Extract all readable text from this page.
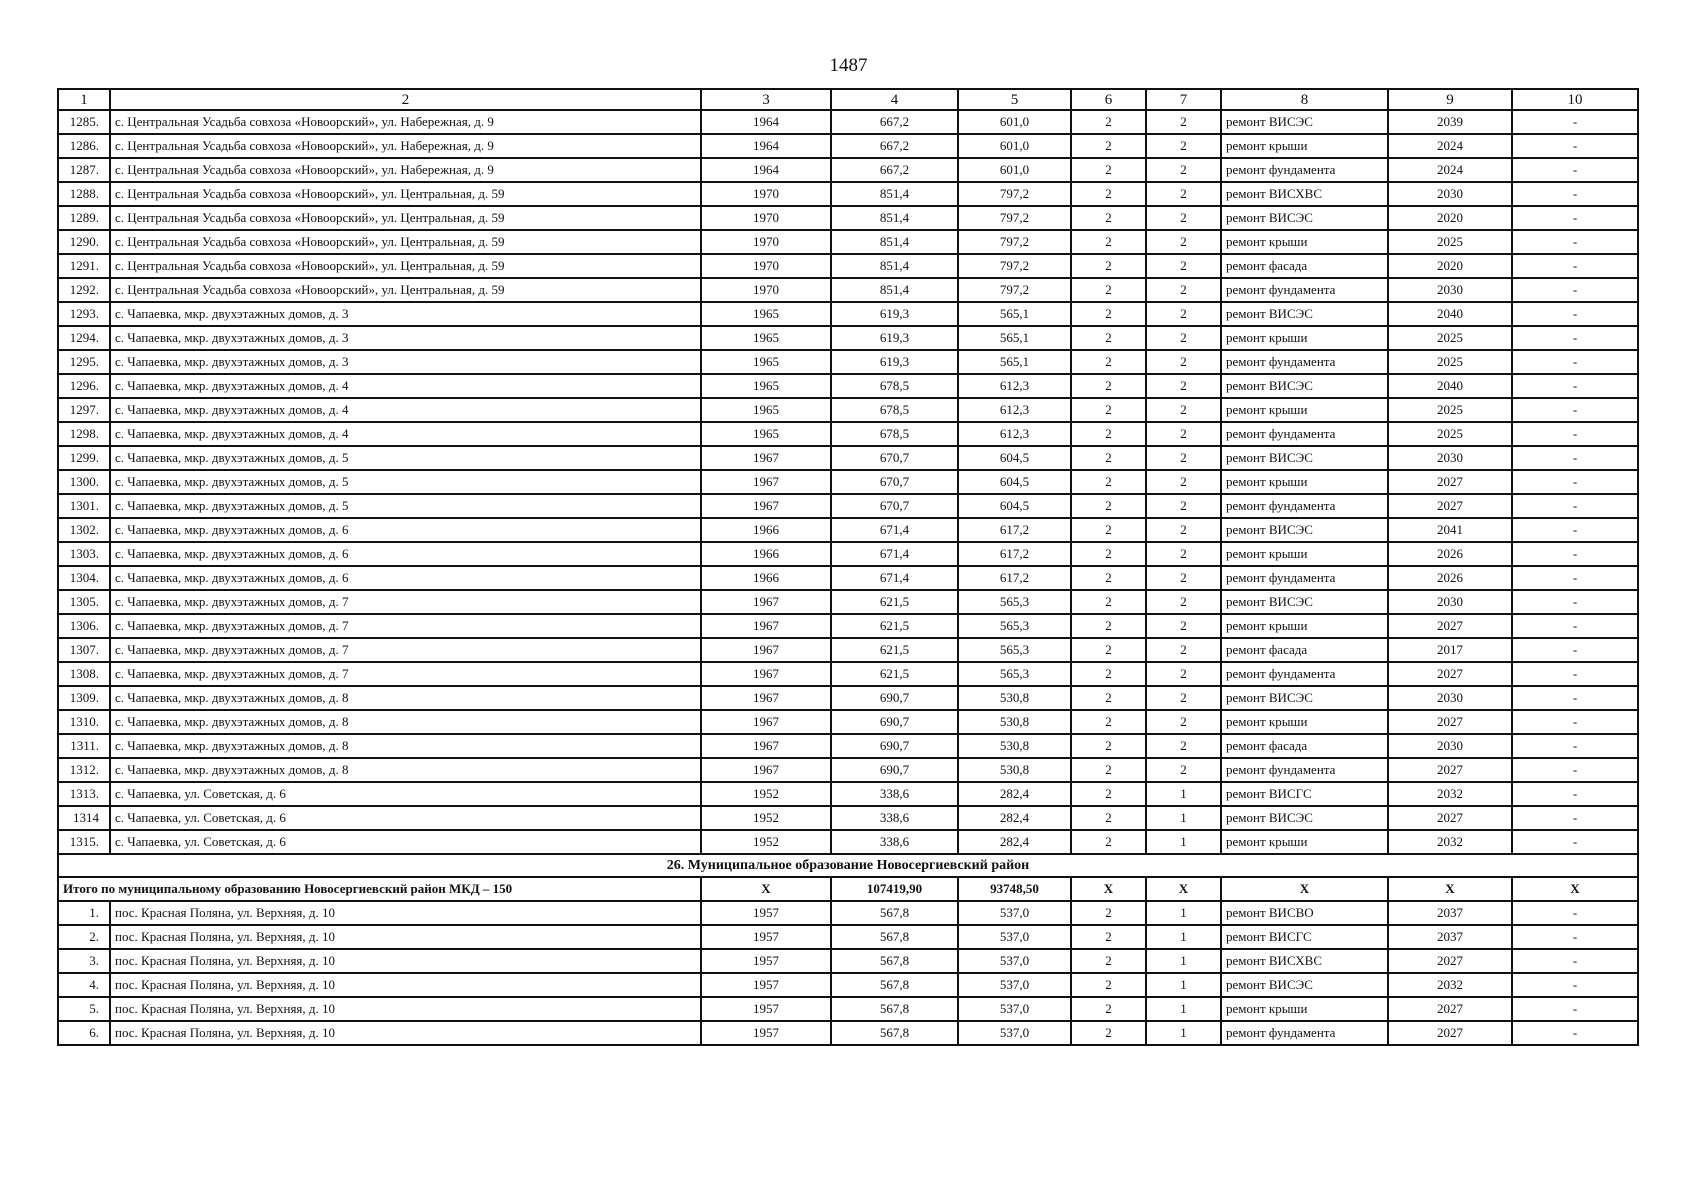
1487
1	2	3	4	5	6	7	8	9	10
1285.	с. Центральная Усадьба совхоза «Новоорский», ул. Набережная, д. 9	1964	667,2	601,0	2	2	ремонт ВИСЭС	2039	-
1286.	с. Центральная Усадьба совхоза «Новоорский», ул. Набережная, д. 9	1964	667,2	601,0	2	2	ремонт крыши	2024	-
1287.	с. Центральная Усадьба совхоза «Новоорский», ул. Набережная, д. 9	1964	667,2	601,0	2	2	ремонт фундамента	2024	-
1288.	с. Центральная Усадьба совхоза «Новоорский», ул. Центральная, д. 59	1970	851,4	797,2	2	2	ремонт ВИСХВС	2030	-
1289.	с. Центральная Усадьба совхоза «Новоорский», ул. Центральная, д. 59	1970	851,4	797,2	2	2	ремонт ВИСЭС	2020	-
1290.	с. Центральная Усадьба совхоза «Новоорский», ул. Центральная, д. 59	1970	851,4	797,2	2	2	ремонт крыши	2025	-
1291.	с. Центральная Усадьба совхоза «Новоорский», ул. Центральная, д. 59	1970	851,4	797,2	2	2	ремонт фасада	2020	-
1292.	с. Центральная Усадьба совхоза «Новоорский», ул. Центральная, д. 59	1970	851,4	797,2	2	2	ремонт фундамента	2030	-
1293.	с. Чапаевка, мкр. двухэтажных домов, д. 3	1965	619,3	565,1	2	2	ремонт ВИСЭС	2040	-
1294.	с. Чапаевка, мкр. двухэтажных домов, д. 3	1965	619,3	565,1	2	2	ремонт крыши	2025	-
1295.	с. Чапаевка, мкр. двухэтажных домов, д. 3	1965	619,3	565,1	2	2	ремонт фундамента	2025	-
1296.	с. Чапаевка, мкр. двухэтажных домов, д. 4	1965	678,5	612,3	2	2	ремонт ВИСЭС	2040	-
1297.	с. Чапаевка, мкр. двухэтажных домов, д. 4	1965	678,5	612,3	2	2	ремонт крыши	2025	-
1298.	с. Чапаевка, мкр. двухэтажных домов, д. 4	1965	678,5	612,3	2	2	ремонт фундамента	2025	-
1299.	с. Чапаевка, мкр. двухэтажных домов, д. 5	1967	670,7	604,5	2	2	ремонт ВИСЭС	2030	-
1300.	с. Чапаевка, мкр. двухэтажных домов, д. 5	1967	670,7	604,5	2	2	ремонт крыши	2027	-
1301.	с. Чапаевка, мкр. двухэтажных домов, д. 5	1967	670,7	604,5	2	2	ремонт фундамента	2027	-
1302.	с. Чапаевка, мкр. двухэтажных домов, д. 6	1966	671,4	617,2	2	2	ремонт ВИСЭС	2041	-
1303.	с. Чапаевка, мкр. двухэтажных домов, д. 6	1966	671,4	617,2	2	2	ремонт крыши	2026	-
1304.	с. Чапаевка, мкр. двухэтажных домов, д. 6	1966	671,4	617,2	2	2	ремонт фундамента	2026	-
1305.	с. Чапаевка, мкр. двухэтажных домов, д. 7	1967	621,5	565,3	2	2	ремонт ВИСЭС	2030	-
1306.	с. Чапаевка, мкр. двухэтажных домов, д. 7	1967	621,5	565,3	2	2	ремонт крыши	2027	-
1307.	с. Чапаевка, мкр. двухэтажных домов, д. 7	1967	621,5	565,3	2	2	ремонт фасада	2017	-
1308.	с. Чапаевка, мкр. двухэтажных домов, д. 7	1967	621,5	565,3	2	2	ремонт фундамента	2027	-
1309.	с. Чапаевка, мкр. двухэтажных домов, д. 8	1967	690,7	530,8	2	2	ремонт ВИСЭС	2030	-
1310.	с. Чапаевка, мкр. двухэтажных домов, д. 8	1967	690,7	530,8	2	2	ремонт крыши	2027	-
1311.	с. Чапаевка, мкр. двухэтажных домов, д. 8	1967	690,7	530,8	2	2	ремонт фасада	2030	-
1312.	с. Чапаевка, мкр. двухэтажных домов, д. 8	1967	690,7	530,8	2	2	ремонт фундамента	2027	-
1313.	с. Чапаевка, ул. Советская, д. 6	1952	338,6	282,4	2	1	ремонт ВИСГС	2032	-
1314	с. Чапаевка, ул. Советская, д. 6	1952	338,6	282,4	2	1	ремонт ВИСЭС	2027	-
1315.	с. Чапаевка, ул. Советская, д. 6	1952	338,6	282,4	2	1	ремонт крыши	2032	-
26. Муниципальное образование Новосергиевский район									
Итого по муниципальному образованию Новосергиевский район МКД – 150		X	107419,90	93748,50	X	X	X	X	X
1.	пос. Красная Поляна, ул. Верхняя, д. 10	1957	567,8	537,0	2	1	ремонт ВИСВО	2037	-
2.	пос. Красная Поляна, ул. Верхняя, д. 10	1957	567,8	537,0	2	1	ремонт ВИСГС	2037	-
3.	пос. Красная Поляна, ул. Верхняя, д. 10	1957	567,8	537,0	2	1	ремонт ВИСХВС	2027	-
4.	пос. Красная Поляна, ул. Верхняя, д. 10	1957	567,8	537,0	2	1	ремонт ВИСЭС	2032	-
5.	пос. Красная Поляна, ул. Верхняя, д. 10	1957	567,8	537,0	2	1	ремонт крыши	2027	-
6.	пос. Красная Поляна, ул. Верхняя, д. 10	1957	567,8	537,0	2	1	ремонт фундамента	2027	-
